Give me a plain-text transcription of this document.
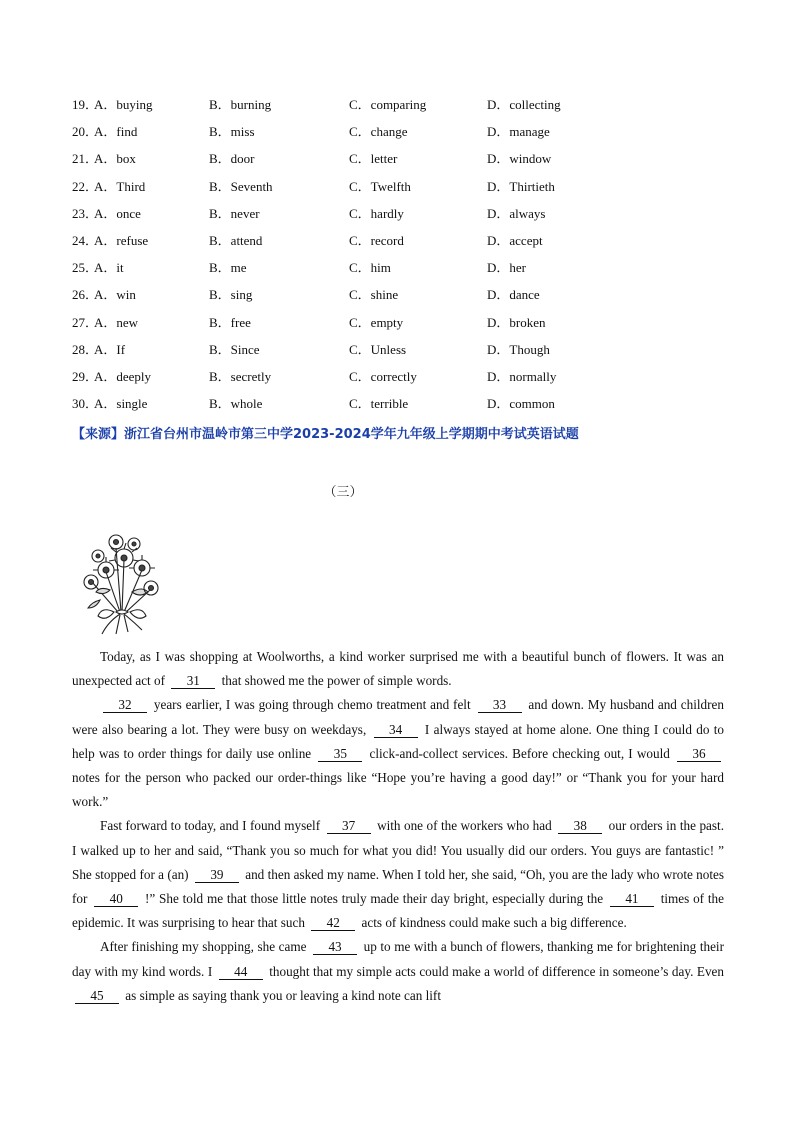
19．
A．buying	B．burning	C．comparing	D．collecting
20．
A．find	B．miss	C．change	D．manage
21．
A．box	B．door	C．letter	D．window
22．
A．Third	B．Seventh	C．Twelfth	D．Thirtieth
23．
A．once	B．never	C．hardly	D．always
24．
A．refuse	B．attend	C．record	D．accept
25．
A．it	B．me	C．him	D．her
26．
A．win	B．sing	C．shine	D．dance
27．
A．new	B．free	C．empty	D．broken
28．
A．If	B．Since	C．Unless	D．Though
29．
A．deeply	B．secretly	C．correctly	D．normally
30．
A．single	B．whole	C．terrible	D．common
【来源】浙江省台州市温岭市第三中学2023-2024学年九年级上学期期中考试英语试题
（三）

Today, as I was shopping at Woolworths, a kind worker surprised me with a beautiful bunch of flowers. It was an unexpected act of 31 that showed me the power of simple words.

32 years earlier, I was going through chemo treatment and felt 33 and down. My husband and children were also bearing a lot. They were busy on weekdays, 34 I always stayed at home alone. One thing I could do to help was to order things for daily use online 35 click-and-collect services. Before checking out, I would 36 notes for the person who packed our order-things like “Hope you’re having a good day!” or “Thank you for your hard work.”

Fast forward to today, and I found myself 37 with one of the workers who had 38 our orders in the past. I walked up to her and said, “Thank you so much for what you did! You usually did our orders. You guys are fantastic! ” She stopped for a (an) 39 and then asked my name. When I told her, she said, “Oh, you are the lady who wrote notes for 40 !” She told me that those little notes truly made their day bright, especially during the 41 times of the epidemic. It was surprising to hear that such 42 acts of kindness could make such a big difference.

After finishing my shopping, she came 43 up to me with a bunch of flowers, thanking me for brightening their day with my kind words. I 44 thought that my simple acts could make a world of difference in someone’s day. Even 45 as simple as saying thank you or leaving a kind note can lift
